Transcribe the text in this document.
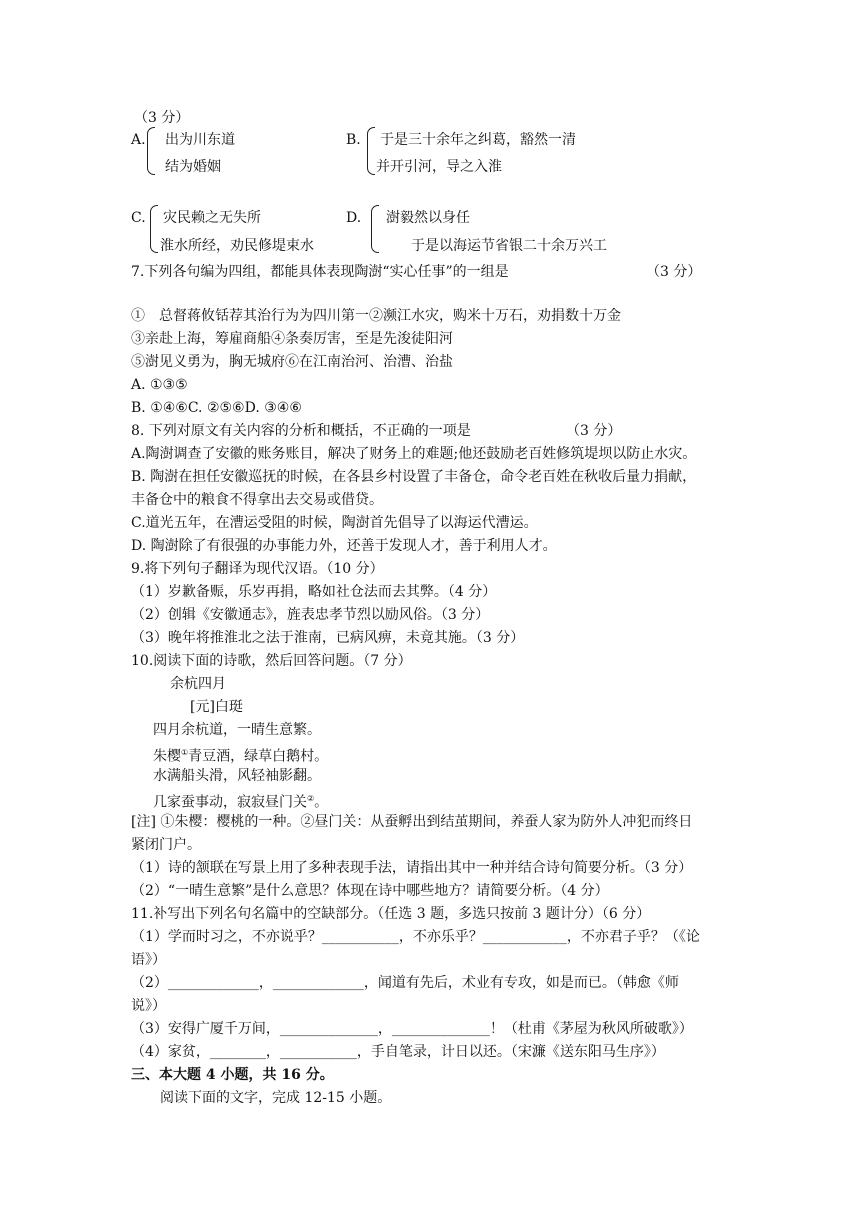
（3 分）
A. 出为川东道
结为婚姻
B. 于是三十余年之纠葛，豁然一清
并开引河，导之入淮
C. 灾民赖之无失所
淮水所经，劝民修堤束水
D. 澍毅然以身任
于是以海运节省银二十余万兴工
7.下列各句编为四组，都能具体表现陶澍“实心任事”的一组是	（3 分）
①　总督蒋攸铦荐其治行为为四川第一②濒江水灾，购米十万石，劝捐数十万金
③亲赴上海，筹雇商船④条奏厉害，至是先浚徒阳河
⑤澍见义勇为，胸无城府⑥在江南治河、治漕、治盐
A. ①③⑤
B. ①④⑥C. ②⑤⑥D. ③④⑥
8. 下列对原文有关内容的分析和概括，不正确的一项是	（3 分）
A.陶澍调查了安徽的账务账目，解决了财务上的难题;他还鼓励老百姓修筑堤坝以防止水灾。
B. 陶澍在担任安徽巡抚的时候，在各县乡村设置了丰备仓，命令老百姓在秋收后量力捐献，
丰备仓中的粮食不得拿出去交易或借贷。
C.道光五年，在漕运受阻的时候，陶澍首先倡导了以海运代漕运。
D. 陶澍除了有很强的办事能力外，还善于发现人才，善于利用人才。
9.将下列句子翻译为现代汉语。（10 分）
（1）岁歉备赈，乐岁再捐，略如社仓法而去其弊。（4 分）
（2）创辑《安徽通志》，旌表忠孝节烈以励风俗。（3 分）
（3）晚年将推淮北之法于淮南，已病风痹，未竟其施。（3 分）
10.阅读下面的诗歌，然后回答问题。（7 分）
余杭四月
[元]白珽
四月余杭道，一晴生意繁。
朱樱①青豆酒，绿草白鹅村。
水满船头滑，风轻袖影翻。
几家蚕事动，寂寂昼门关②。
[注] ①朱樱：樱桃的一种。②昼门关：从蚕孵出到结茧期间，养蚕人家为防外人冲犯而终日
紧闭门户。
（1）诗的颔联在写景上用了多种表现手法，请指出其中一种并结合诗句简要分析。（3 分）
（2）“一晴生意繁”是什么意思？体现在诗中哪些地方？请简要分析。（4 分）
11.补写出下列名句名篇中的空缺部分。（任选 3 题，多选只按前 3 题计分）（6 分）
（1）学而时习之，不亦说乎？___________，不亦乐乎？____________，不亦君子乎？（《论
语》）
（2）_____________，_____________，闻道有先后，术业有专攻，如是而已。（韩愈《师
说》）
（3）安得广厦千万间，______________，______________！（杜甫《茅屋为秋风所破歌》）
（4）家贫，________，___________，手自笔录，计日以还。（宋濂《送东阳马生序》）
三、本大题 4 小题，共 16 分。
阅读下面的文字，完成 12-15 小题。
